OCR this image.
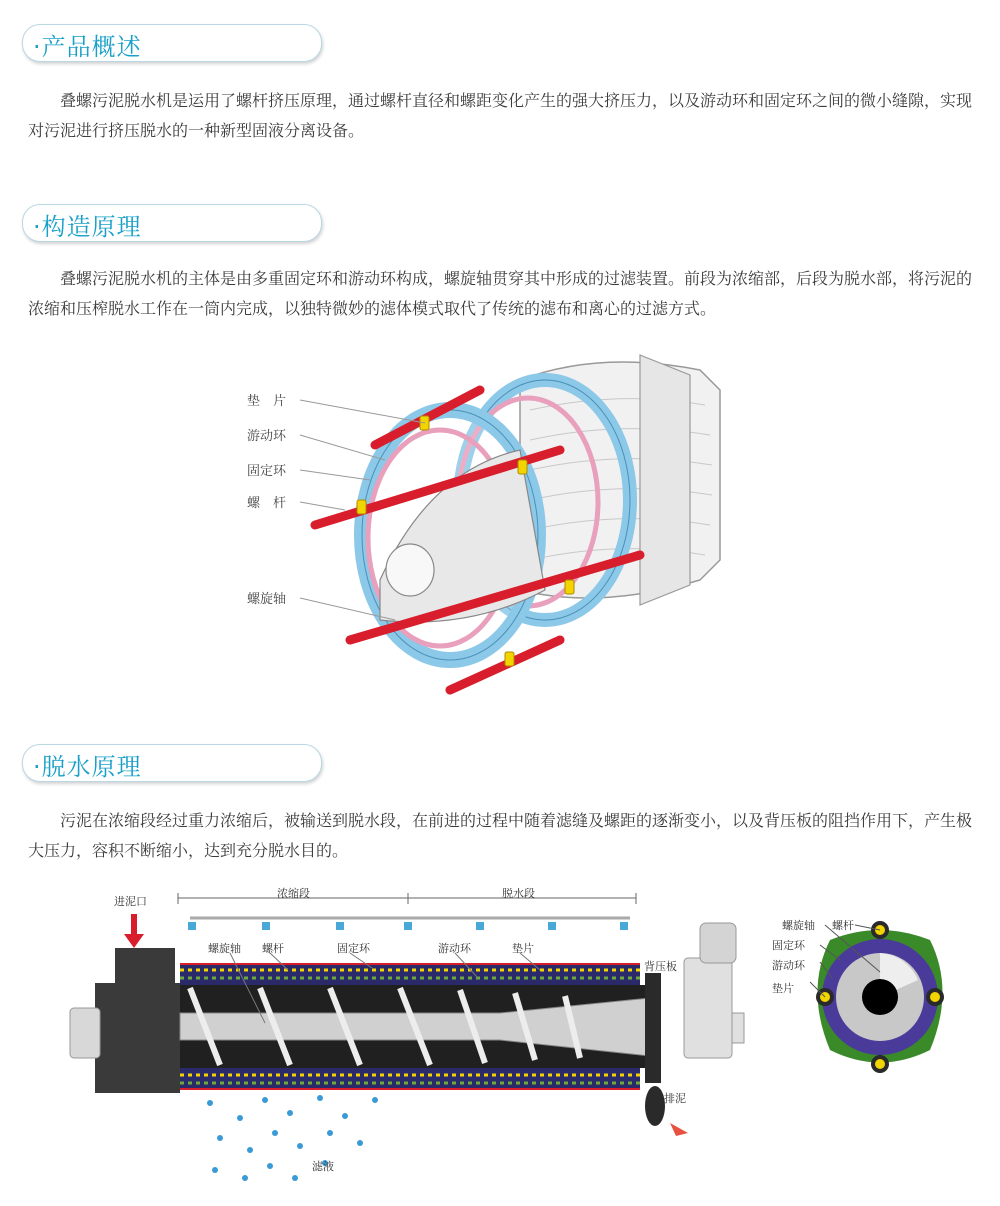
·产品概述

叠螺污泥脱水机是运用了螺杆挤压原理，通过螺杆直径和螺距变化产生的强大挤压力，以及游动环和固定环之间的微小缝隙，实现对污泥进行挤压脱水的一种新型固液分离设备。

·构造原理

叠螺污泥脱水机的主体是由多重固定环和游动环构成，螺旋轴贯穿其中形成的过滤装置。前段为浓缩部，后段为脱水部，将污泥的浓缩和压榨脱水工作在一筒内完成，以独特微妙的滤体模式取代了传统的滤布和离心的过滤方式。

垫　片
游动环
固定环
螺　杆
螺旋轴
·脱水原理

污泥在浓缩段经过重力浓缩后，被输送到脱水段，在前进的过程中随着滤缝及螺距的逐渐变小，以及背压板的阻挡作用下，产生极大压力，容积不断缩小，达到充分脱水目的。

进泥口
浓缩段	脱水段
螺旋轴 螺杆	固定环	游动环	垫片
背压板
排泥
滤液
螺旋轴 螺杆
固定环
游动环
垫片
